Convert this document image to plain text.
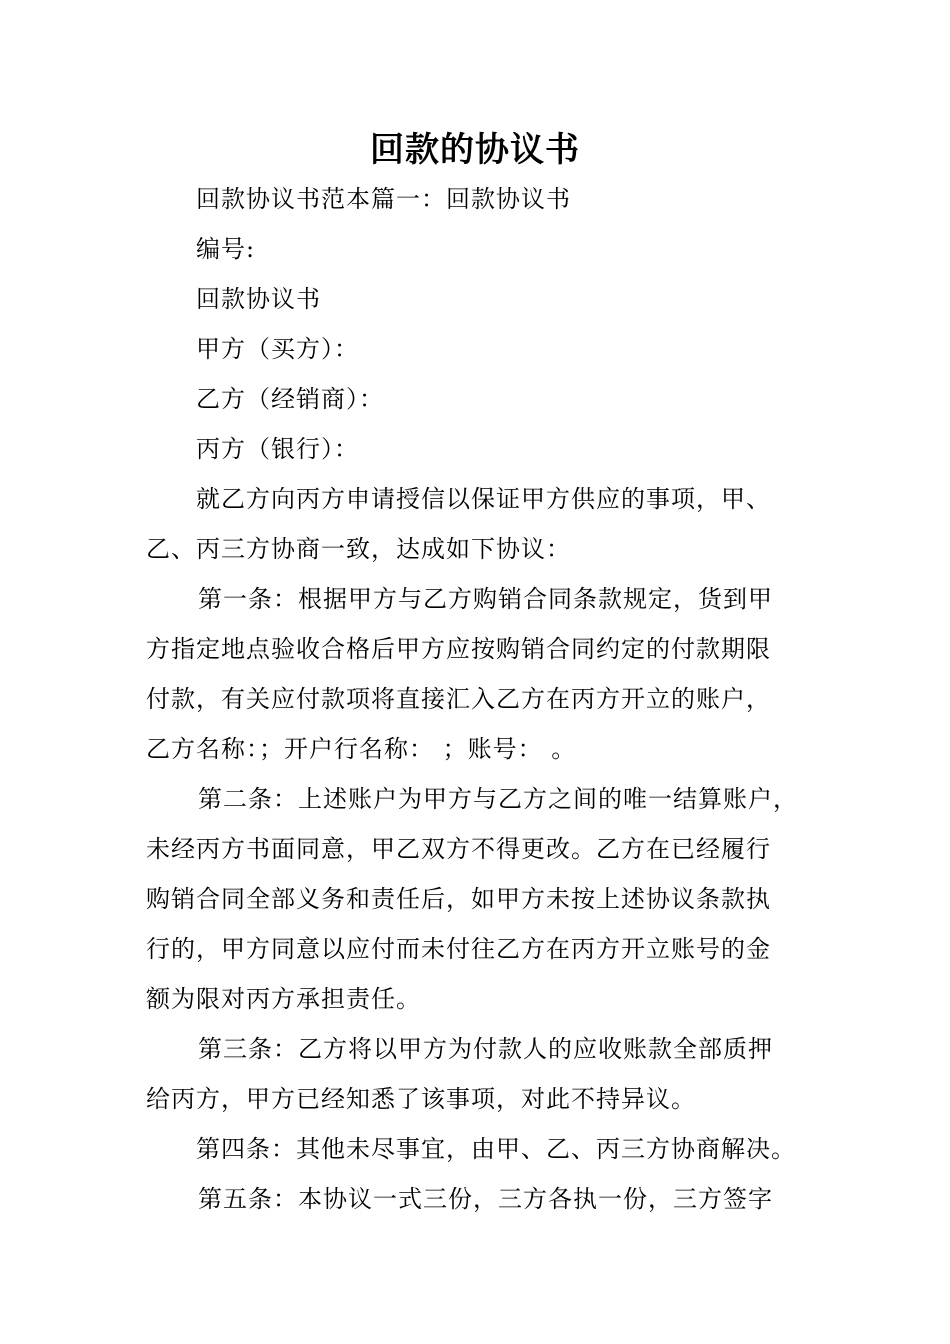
回款的协议书
回款协议书范本篇一：回款协议书
编号:
回款协议书
甲方（买方）：
乙方（经销商）：
丙方（银行）：
就乙方向丙方申请授信以保证甲方供应的事项，甲、
乙、丙三方协商一致，达成如下协议：
第一条：根据甲方与乙方购销合同条款规定，货到甲
方指定地点验收合格后甲方应按购销合同约定的付款期限
付款，有关应付款项将直接汇入乙方在丙方开立的账户，
乙方名称：；开户行名称： ；账号： 。
第二条：上述账户为甲方与乙方之间的唯一结算账户，
未经丙方书面同意，甲乙双方不得更改。乙方在已经履行
购销合同全部义务和责任后，如甲方未按上述协议条款执
行的，甲方同意以应付而未付往乙方在丙方开立账号的金
额为限对丙方承担责任。
第三条：乙方将以甲方为付款人的应收账款全部质押
给丙方，甲方已经知悉了该事项，对此不持异议。
第四条：其他未尽事宜，由甲、乙、丙三方协商解决。
第五条：本协议一式三份，三方各执一份，三方签字
